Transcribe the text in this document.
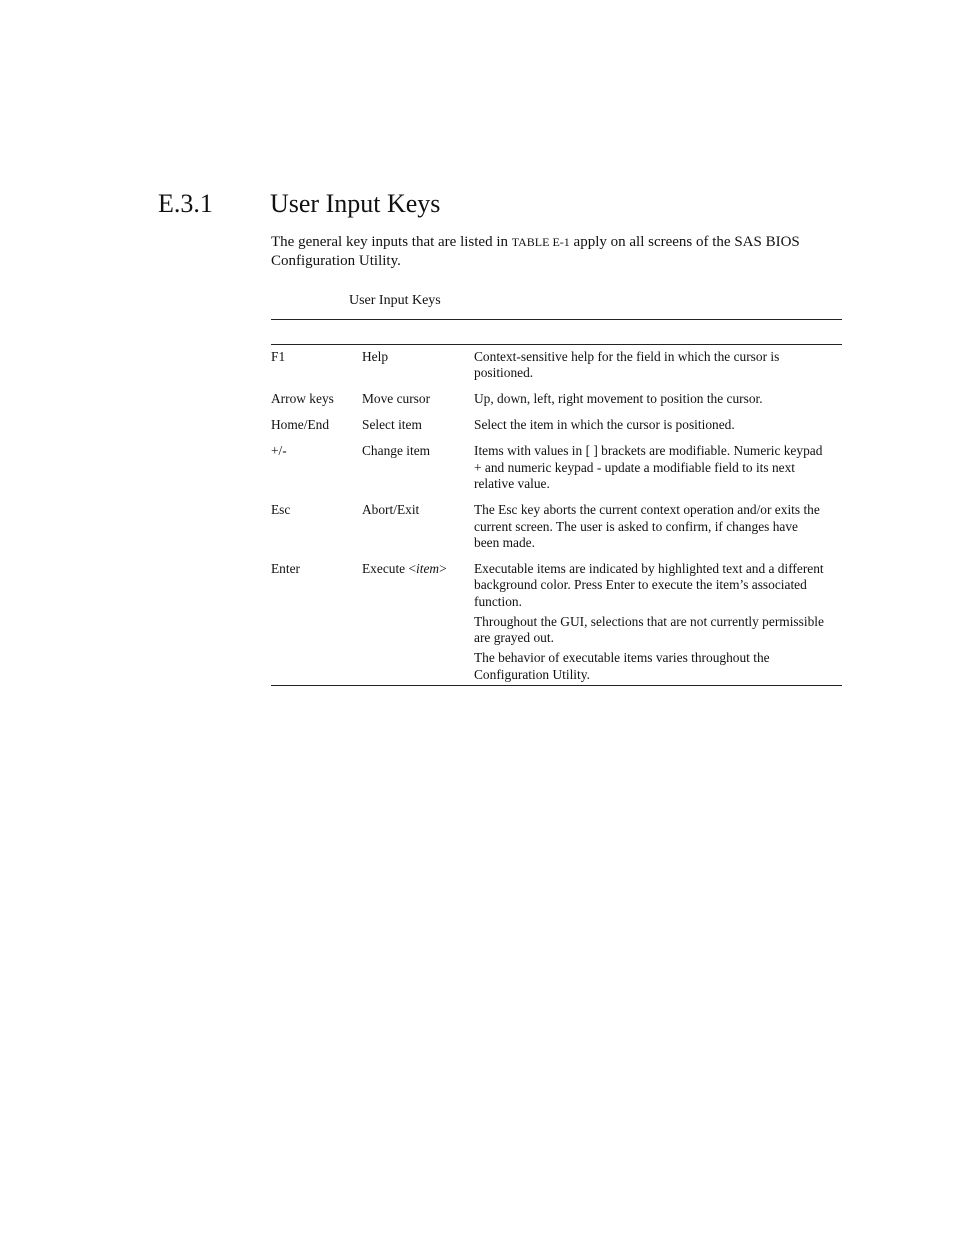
E.3.1 User Input Keys

The general key inputs that are listed in TABLE E-1 apply on all screens of the SAS BIOS Configuration Utility.

User Input Keys
F1	Help	Context-sensitive help for the field in which the cursor is positioned.

Arrow keys	Move cursor	Up, down, left, right movement to position the cursor.

Home/End	Select item	Select the item in which the cursor is positioned.

+/-	Change item	Items with values in [ ] brackets are modifiable. Numeric keypad + and numeric keypad - update a modifiable field to its next relative value.

Esc	Abort/Exit	The Esc key aborts the current context operation and/or exits the current screen. The user is asked to confirm, if changes have been made.

Enter	Execute <item>	Executable items are indicated by highlighted text and a different background color. Press Enter to execute the item’s associated function.

Throughout the GUI, selections that are not currently permissible are grayed out.

The behavior of executable items varies throughout the Configuration Utility.
